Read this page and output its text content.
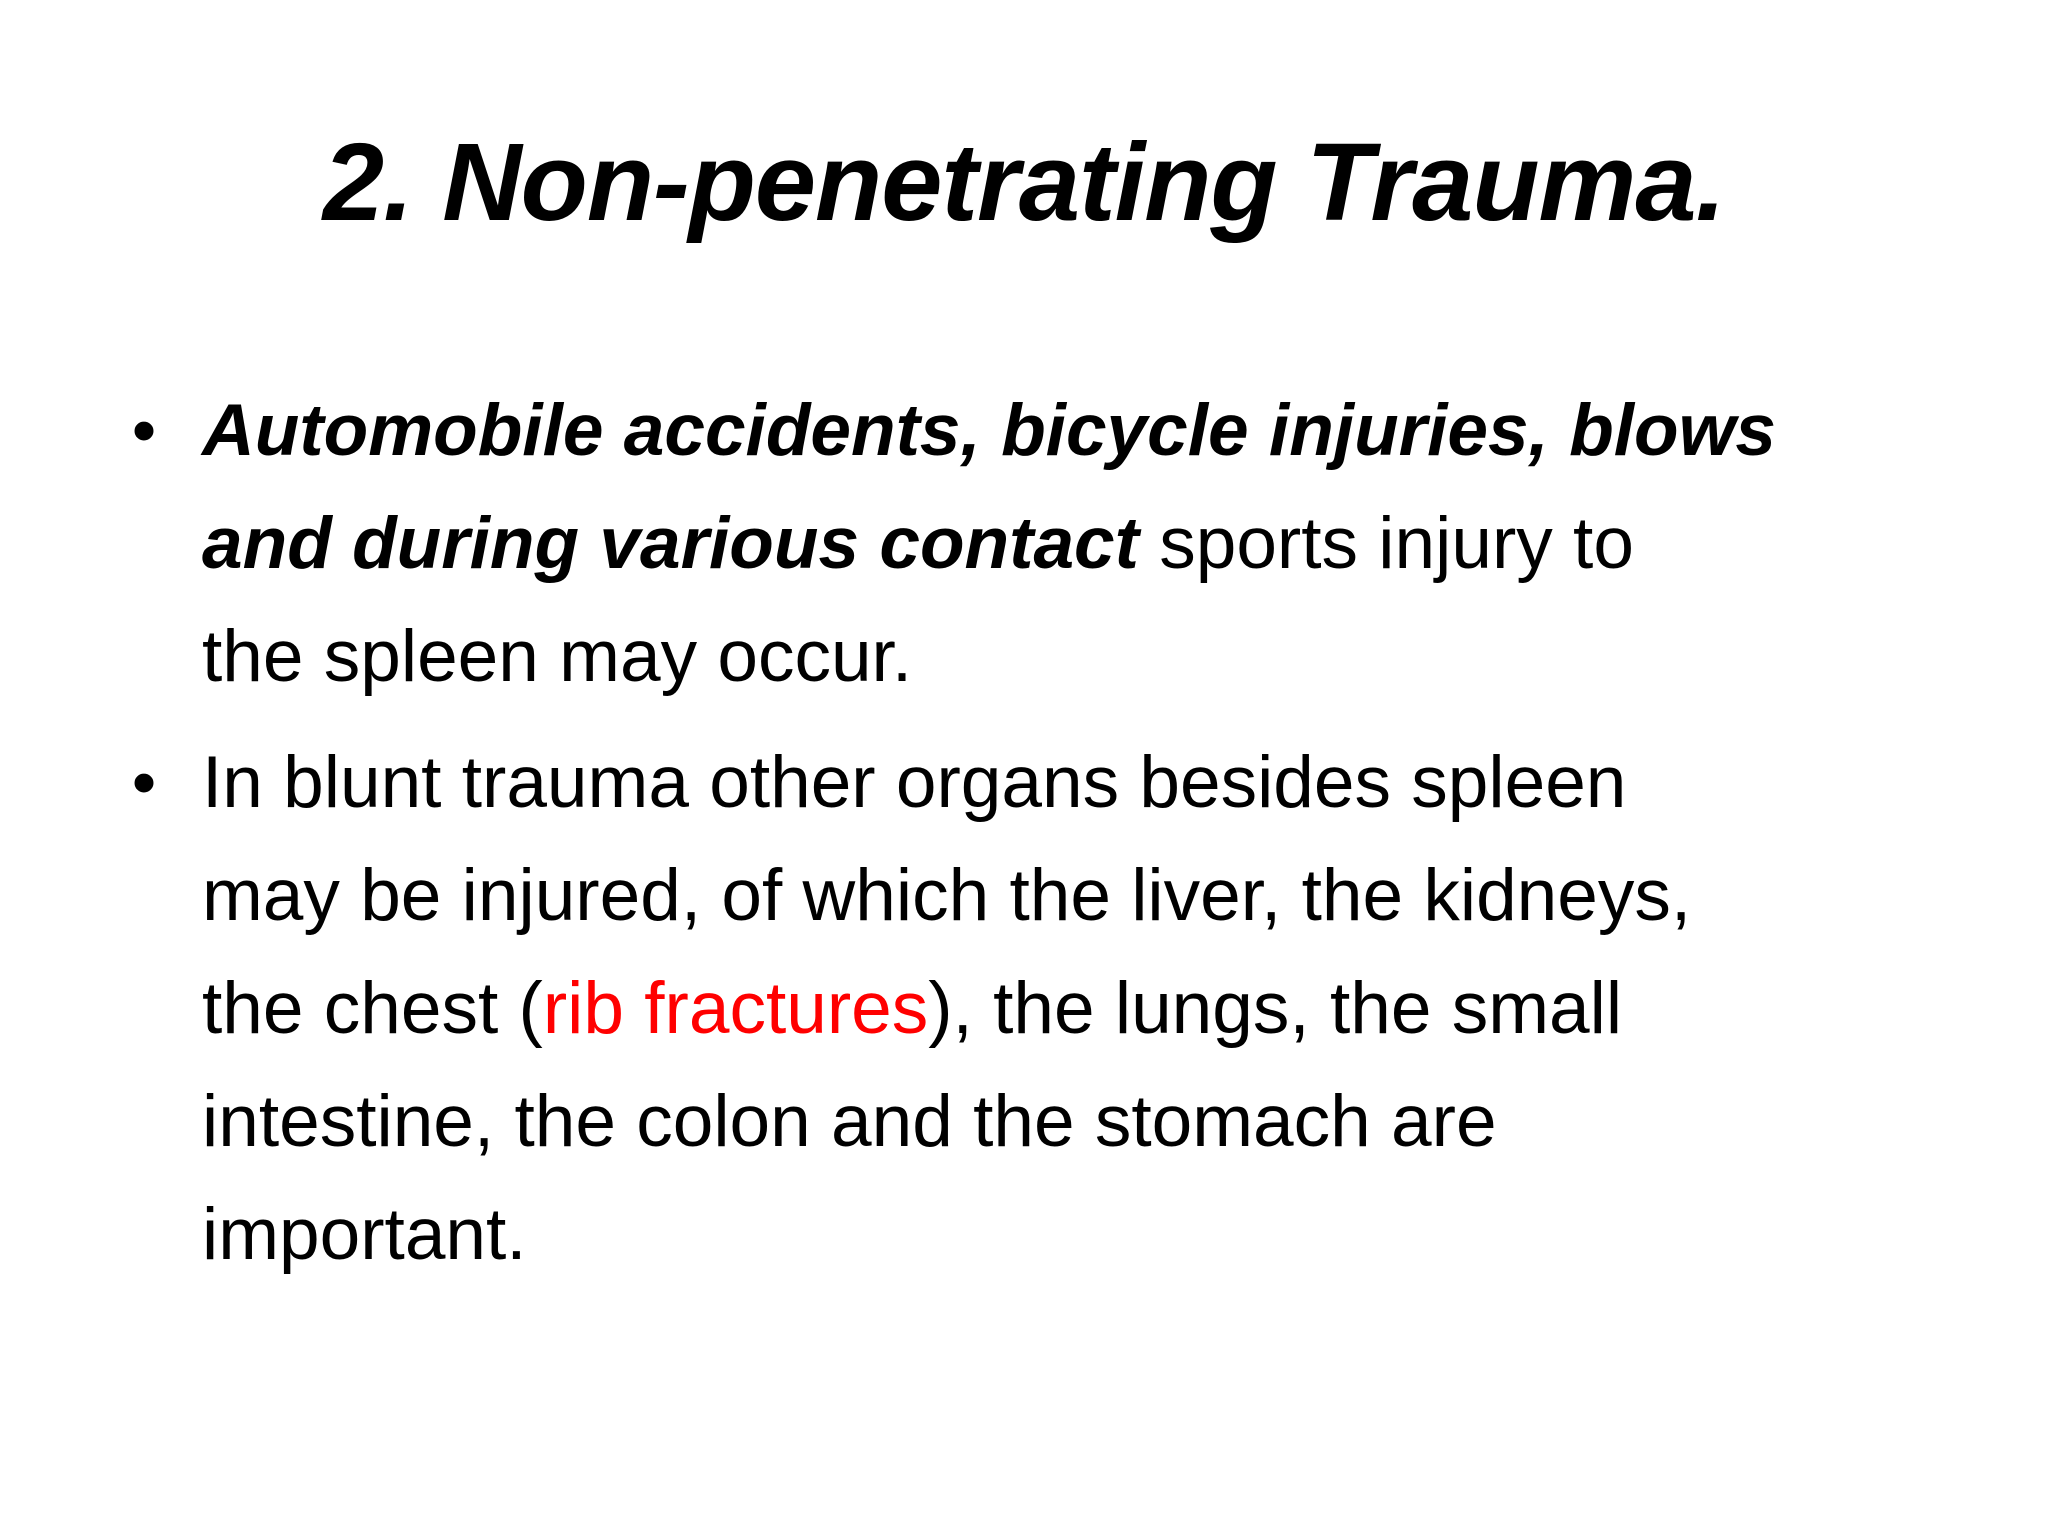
2. Non-penetrating Trauma.
• Automobile accidents, bicycle injuries, blows
and during various contact sports injury to
the spleen may occur.

• In blunt trauma other organs besides spleen
may be injured, of which the liver, the kidneys,
the chest (rib fractures), the lungs, the small
intestine, the colon and the stomach are
important.
